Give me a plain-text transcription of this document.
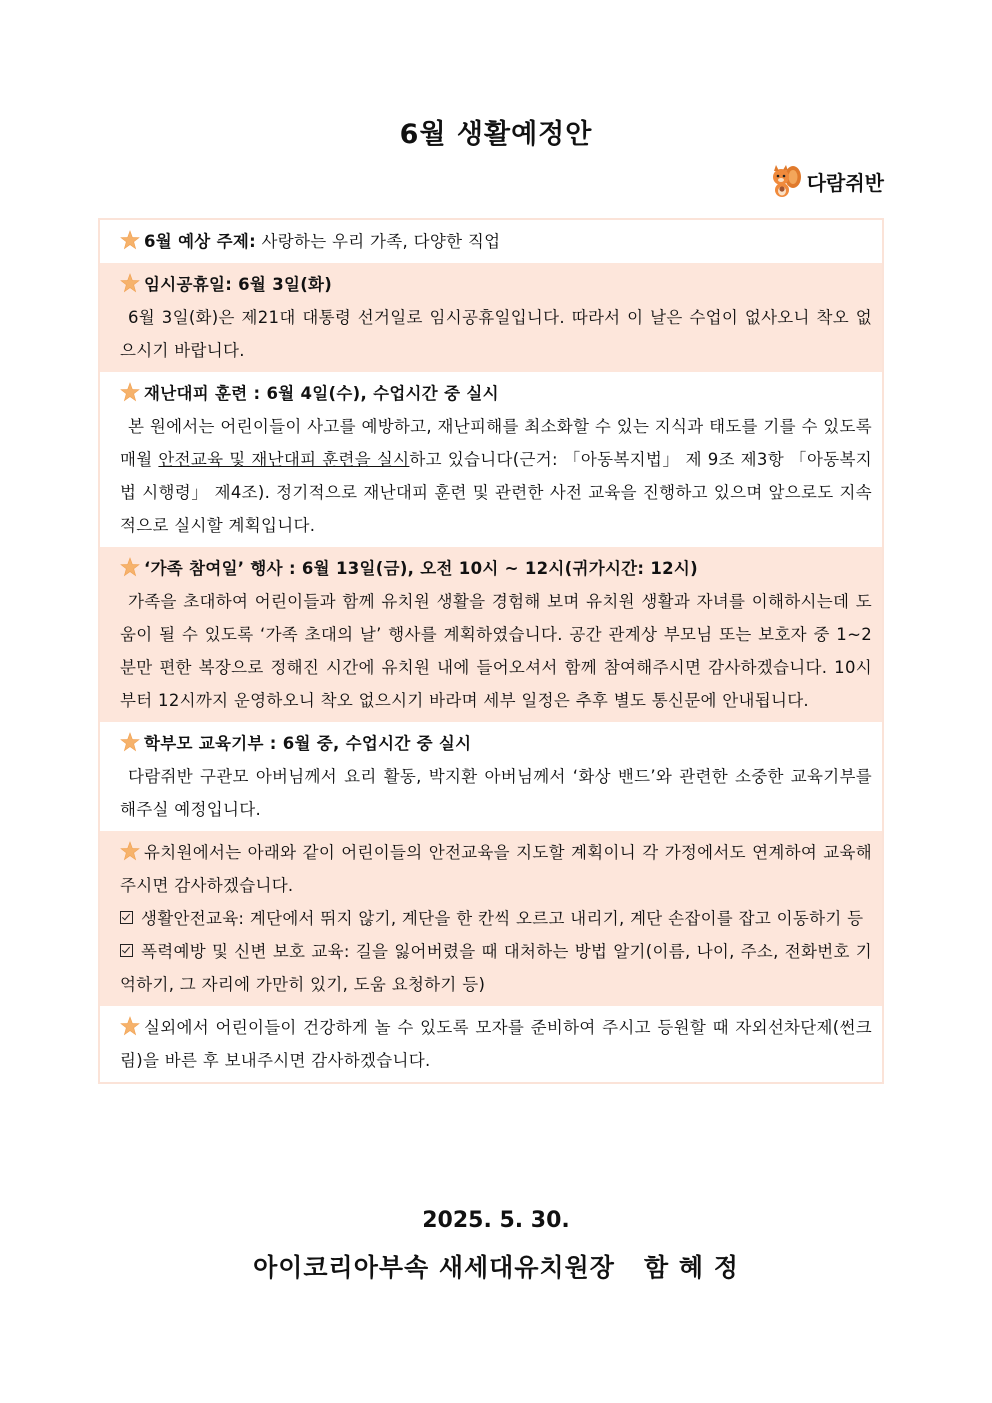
6월 생활예정안
다람쥐반
6월 예상 주제: 사랑하는 우리 가족, 다양한 직업
임시공휴일: 6월 3일(화)
6월 3일(화)은 제21대 대통령 선거일로 임시공휴일입니다. 따라서 이 날은 수업이 없사오니 착오 없으시기 바랍니다.
재난대피 훈련 : 6월 4일(수), 수업시간 중 실시
본 원에서는 어린이들이 사고를 예방하고, 재난피해를 최소화할 수 있는 지식과 태도를 기를 수 있도록 매월 안전교육 및 재난대피 훈련을 실시하고 있습니다(근거: 「아동복지법」 제 9조 제3항 「아동복지법 시행령」 제4조). 정기적으로 재난대피 훈련 및 관련한 사전 교육을 진행하고 있으며 앞으로도 지속적으로 실시할 계획입니다.
‘가족 참여일’ 행사 : 6월 13일(금), 오전 10시 ~ 12시(귀가시간: 12시)
가족을 초대하여 어린이들과 함께 유치원 생활을 경험해 보며 유치원 생활과 자녀를 이해하시는데 도움이 될 수 있도록 ‘가족 초대의 날’ 행사를 계획하였습니다. 공간 관계상 부모님 또는 보호자 중 1~2분만 편한 복장으로 정해진 시간에 유치원 내에 들어오셔서 함께 참여해주시면 감사하겠습니다. 10시부터 12시까지 운영하오니 착오 없으시기 바라며 세부 일정은 추후 별도 통신문에 안내됩니다.
학부모 교육기부 : 6월 중, 수업시간 중 실시
다람쥐반 구관모 아버님께서 요리 활동, 박지환 아버님께서 ‘화상 밴드’와 관련한 소중한 교육기부를 해주실 예정입니다.
유치원에서는 아래와 같이 어린이들의 안전교육을 지도할 계획이니 각 가정에서도 연계하여 교육해주시면 감사하겠습니다.
생활안전교육: 계단에서 뛰지 않기, 계단을 한 칸씩 오르고 내리기, 계단 손잡이를 잡고 이동하기 등
폭력예방 및 신변 보호 교육: 길을 잃어버렸을 때 대처하는 방법 알기(이름, 나이, 주소, 전화번호 기억하기, 그 자리에 가만히 있기, 도움 요청하기 등)
실외에서 어린이들이 건강하게 놀 수 있도록 모자를 준비하여 주시고 등원할 때 자외선차단제(썬크림)을 바른 후 보내주시면 감사하겠습니다.
2025. 5. 30.
아이코리아부속 새세대유치원장   함 혜 정
